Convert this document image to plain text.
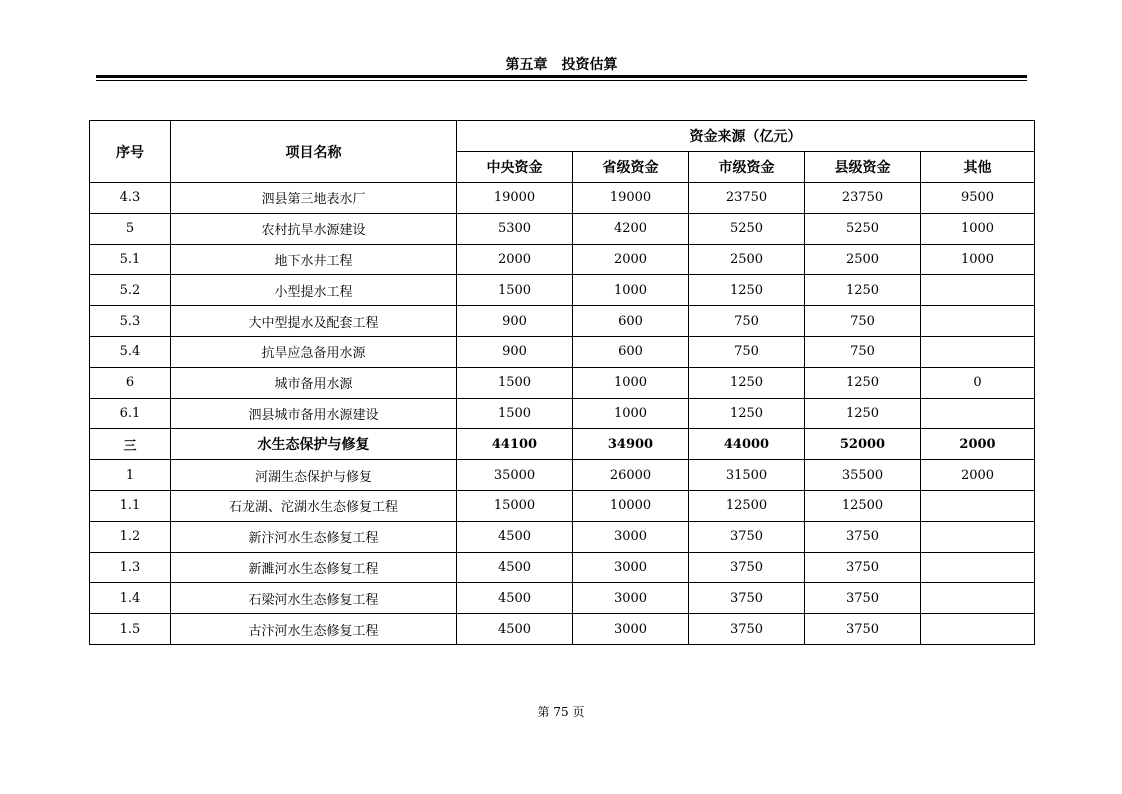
第五章　投资估算
序号	项目名称	资金来源（亿元）				
		中央资金	省级资金	市级资金	县级资金	其他
4.3	泗县第三地表水厂	19000	19000	23750	23750	9500
5	农村抗旱水源建设	5300	4200	5250	5250	1000
5.1	地下水井工程	2000	2000	2500	2500	1000
5.2	小型提水工程	1500	1000	1250	1250	
5.3	大中型提水及配套工程	900	600	750	750	
5.4	抗旱应急备用水源	900	600	750	750	
6	城市备用水源	1500	1000	1250	1250	0
6.1	泗县城市备用水源建设	1500	1000	1250	1250	
三	水生态保护与修复	44100	34900	44000	52000	2000
1	河湖生态保护与修复	35000	26000	31500	35500	2000
1.1	石龙湖、沱湖水生态修复工程	15000	10000	12500	12500	
1.2	新汴河水生态修复工程	4500	3000	3750	3750	
1.3	新濉河水生态修复工程	4500	3000	3750	3750	
1.4	石梁河水生态修复工程	4500	3000	3750	3750	
1.5	古汴河水生态修复工程	4500	3000	3750	3750	
第 75 页
